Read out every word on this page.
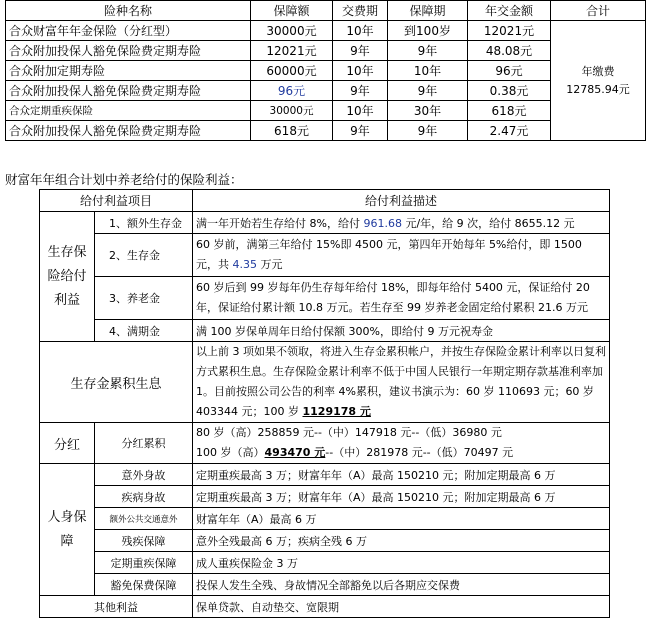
险种名称	保障额	交费期	保障期	年交金额	合计
合众财富年年金保险（分红型）	30000元	10年	到100岁	12021元	年缴费
12785.94元
合众附加投保人豁免保险费定期寿险	12021元	9年	9年	48.08元	
合众附加定期寿险	60000元	10年	10年	96元	
合众附加投保人豁免保险费定期寿险	96元	9年	9年	0.38元	
合众定期重疾保险	30000元	10年	30年	618元	
合众附加投保人豁免保险费定期寿险	618元	9年	9年	2.47元	
财富年年组合计划中养老给付的保险利益：
给付利益项目		给付利益描述
生存保险给付利益	1、额外生存金	满一年开始若生存给付 8%，给付 961.68 元/年，给 9 次，给付 8655.12 元
	2、生存金	60 岁前，满第三年给付 15%即 4500 元，第四年开始每年 5%给付，即 1500 元，共 4.35 万元
	3、养老金	60 岁后到 99 岁每年仍生存每年给付 18%，即每年给付 5400 元，保证给付 20 年，保证给付累计额 10.8 万元。若生存至 99 岁养老金固定给付累积 21.6 万元
	4、满期金	满 100 岁保单周年日给付保额 300%，即给付 9 万元祝寿金
生存金累积生息		以上前 3 项如果不领取，将进入生存金累积帐户，并按生存保险金累计利率以日复利方式累积生息。生存保险金累计利率不低于中国人民银行一年期定期存款基准利率加 1。目前按照公司公告的利率 4%累积，建议书演示为：60 岁 110693 元；60 岁 403344 元；100 岁 1129178 元
分红	分红累积	80 岁（高）258859 元--（中）147918 元--（低）36980 元
100 岁（高）493470 元--（中）281978 元--（低）70497 元
人身保障	意外身故	定期重疾最高 3 万；财富年年（A）最高 150210 元；附加定期最高 6 万
	疾病身故	定期重疾最高 3 万；财富年年（A）最高 150210 元；附加定期最高 6 万
	额外公共交通意外	财富年年（A）最高 6 万
	残疾保障	意外全残最高 6 万；疾病全残 6 万
	定期重疾保障	成人重疾保险金 3 万
	豁免保费保障	投保人发生全残、身故情况全部豁免以后各期应交保费
其他利益		保单贷款、自动垫交、宽限期
